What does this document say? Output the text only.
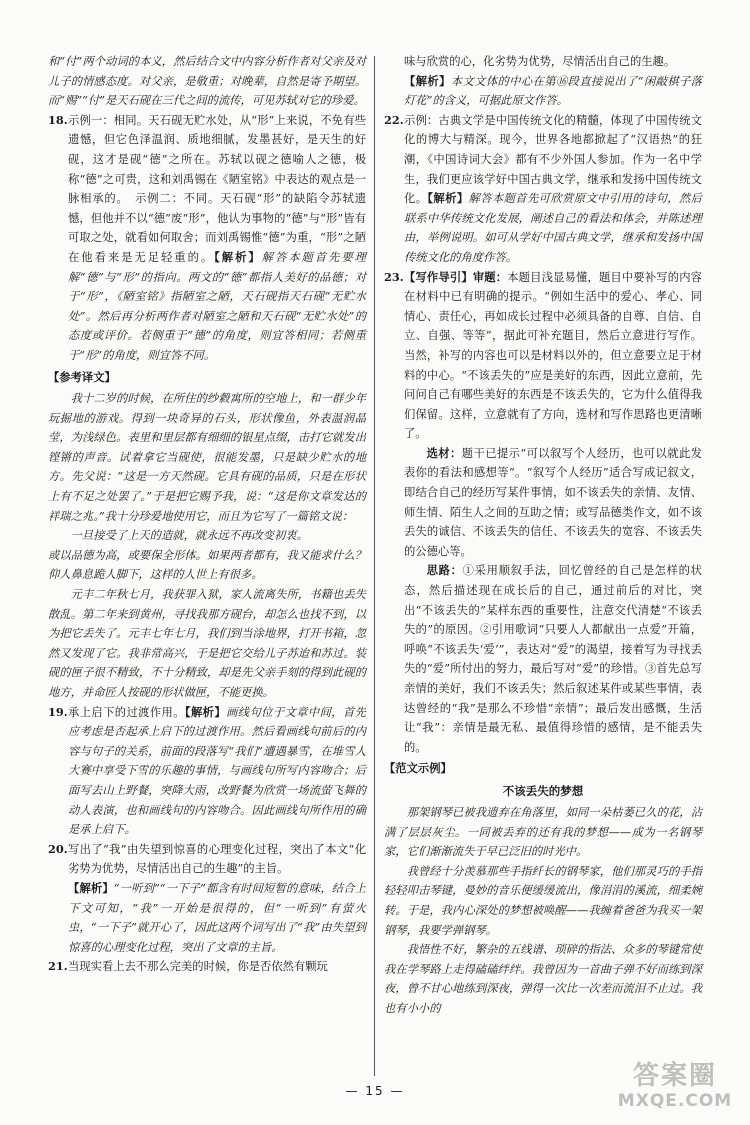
和“付”两个动词的本义，然后结合文中内容分析作者对父亲及对儿子的情感态度。对父亲，是敬重；对晚辈，自然是寄予期望。而“赐”“付”是天石砚在三代之间的流传，可见苏轼对它的珍爱。

18. 示例一：相同。天石砚无贮水处，从“形”上来说，不免有些遗憾，但它色泽温润、质地细腻，发墨甚好，是天生的好砚，这才是砚“德”之所在。苏轼以砚之德喻人之德，极称“德”之可贵，这和刘禹锡在《陋室铭》中表达的观点是一脉相承的。　示例二：不同。天石砚“形”的缺陷令苏轼遗憾，但他并不以“德”废“形”，他认为事物的“德”与“形”皆有可取之处，就看如何取舍；而刘禹锡惟“德”为重，“形”之陋在他看来是无足轻重的。【解析】解答本题首先要理解“德”与“形”的指向。两文的“德”都指人美好的品德；对于“形”，《陋室铭》指陋室之陋，天石砚指天石砚“无贮水处”。然后再分析两作者对陋室之陋和天石砚“无贮水处”的态度或评价。若侧重于“德”的角度，则宜答相同；若侧重于“形”的角度，则宜答不同。

【参考译文】

我十二岁的时候，在所住的纱縠寓所的空地上，和一群少年玩掘地的游戏。得到一块奇异的石头，形状像鱼，外表温润晶莹，为浅绿色。表里和里层都有细细的银星点缀，击打它就发出铿锵的声音。试着拿它当砚使，很能发墨，只是缺少贮水的地方。先父说：“这是一方天然砚。它具有砚的品质，只是在形状上有不足之处罢了。”于是把它赐予我，说：“这是你文章发达的祥瑞之兆。”我十分珍爱地使用它，而且为它写了一篇铭文说：

一旦接受了上天的造就，就永远不再改变初衷。

或以品德为高，或要保全形体。如果两者都有，我又能求什么？仰人鼻息跪人脚下，这样的人世上有很多。

元丰二年秋七月，我获罪入狱，家人流离失所，书籍也丢失散乱。第二年来到黄州，寻找我那方砚台，却怎么也找不到，以为把它丢失了。元丰七年七月，我们到当涂地界，打开书箱，忽然又发现了它。我非常高兴，于是把它交给儿子苏迨和苏过。装砚的匣子很不精致，不十分精致，却是先父亲手刻的得到此砚的地方，并命匠人按砚的形状做匣，不能更换。

19. 承上启下的过渡作用。【解析】画线句位于文章中间，首先应考虑是否起承上启下的过渡作用。然后看画线句前后的内容与句子的关系，前面的段落写“我们”遭遇暴雪，在堆雪人大赛中享受下雪的乐趣的事情，与画线句所写内容吻合；后面写去山上野餐，突降大雨，改野餐为欣赏一场流萤飞舞的动人表演，也和画线句的内容吻合。因此画线句所作用的确是承上启下。

20. 写出了“我”由失望到惊喜的心理变化过程，突出了本文“化劣势为优势，尽情活出自己的生趣”的主旨。

【解析】“一听到”“一下子”都含有时间短暂的意味，结合上下文可知，“我”一开始是很得的，但“一听到”有萤火虫，“一下子”就开心了，因此这两个词写出了“我”由失望到惊喜的心理变化过程，突出了文章的主旨。

21. 当现实看上去不那么完美的时候，你是否依然有颗玩

味与欣赏的心，化劣势为优势，尽情活出自己的生趣。

【解析】本文文体的中心在第⑯段直接说出了“闲敲棋子落灯花”的含义，可据此原文作答。

22. 示例：古典文学是中国传统文化的精髓，体现了中国传统文化的博大与精深。现今，世界各地都掀起了“汉语热”的狂潮，《中国诗词大会》都有不少外国人参加。作为一名中学生，我们更应该学好中国古典文学，继承和发扬中国传统文化。【解析】解答本题首先可欣赏原文中引用的诗句，然后联系中华传统文化发展，阐述自己的看法和体会，并陈述理由，举例说明。如可从学好中国古典文学，继承和发扬中国传统文化的角度作答。

23. 【写作导引】审题：本题目浅显易懂，题目中要补写的内容在材料中已有明确的提示。“例如生活中的爱心、孝心、同情心、责任心，再如成长过程中必须具备的自尊、自信、自立、自强、等等”，据此可补充题目，然后立意进行写作。当然，补写的内容也可以是材料以外的，但立意要立足于材料的中心。“不该丢失的”应是美好的东西，因此立意前，先问问自己有哪些美好的东西是不该丢失的，它为什么值得我们保留。这样，立意就有了方向，选材和写作思路也更清晰了。

选材：题干已提示“可以叙写个人经历，也可以就此发表你的看法和感想等”。“叙写个人经历”适合写成记叙文，即结合自己的经历写某件事情，如不该丢失的亲情、友情、师生情、陌生人之间的互助之情；或写品德类作文，如不该丢失的诚信、不该丢失的信任、不该丢失的宽容、不该丢失的公德心等。

思路：①采用顺叙手法，回忆曾经的自己是怎样的状态，然后描述现在成长后的自己，通过前后的对比，突出“不该丢失的”某样东西的重要性，注意交代清楚“不该丢失的”的原因。②引用歌词“只要人人都献出一点爱”开篇，呼唤“不该丢失‘爱’”，表达对“爱”的渴望，接着写为寻找丢失的“爱”所付出的努力，最后写对“爱”的珍惜。③首先总写亲情的美好，我们不该丢失；然后叙述某件或某些事情，表达曾经的“我”是那么不珍惜“亲情”；最后发出感慨，生活让“我”：亲情是最无私、最值得珍惜的感情，是不能丢失的。

【范文示例】

不该丢失的梦想

那架钢琴已被我遗弃在角落里，如同一朵枯萎已久的花，沾满了层层灰尘。一同被丢弃的还有我的梦想——成为一名钢琴家，它们渐渐流失于早已泛旧的时光中。

我曾经十分羡慕那些手指纤长的钢琴家，他们那灵巧的手指轻轻叩击琴键，曼妙的音乐便缓缓流出，像涓涓的溪流，细柔婉转。于是，我内心深处的梦想被唤醒——我缠着爸爸为我买一架钢琴，我要学弹钢琴。

我悟性不好，繁杂的五线谱、琐碎的指法、众多的琴键常使我在学琴路上走得磕磕绊绊。我曾因为一首曲子弹不好而练到深夜，曾不甘心地练到深夜，弹得一次比一次差而流泪不止过。我也有小小的

— 15 —	答案圈
MXQE.COM
